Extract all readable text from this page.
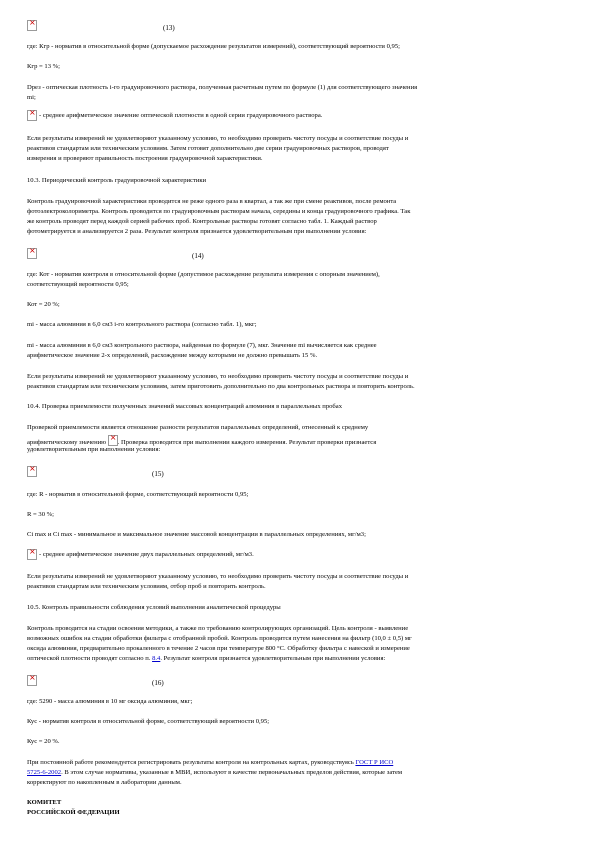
×
(13)
где: Кгр - норматив в относительной форме (допускаемое расхождение результатов измерений), соответствующий вероятности 0,95;
Кгр = 13 %;
Dрез - оптическая плотность i-го градуировочного раствора, полученная расчетным путем по формуле (1) для соответствующего значения
mi;
×
- среднее арифметическое значение оптической плотности в одной серии градуировочного раствора.
Если результаты измерений не удовлетворяют указанному условию, то необходимо проверить чистоту посуды и соответствие посуды и
реактивов стандартам или техническим условиям. Затем готовят дополнительно две серии градуировочных растворов, проводят
измерения и проверяют правильность построения градуировочной характеристики.
10.3. Периодический контроль градуировочной характеристики
Контроль градуировочной характеристики проводится не реже одного раза в квартал, а так же при смене реактивов, после ремонта
фотоэлектроколориметра. Контроль проводится по градуировочным растворам начала, середины и конца градуировочного графика. Так
же контроль проводят перед каждой серией рабочих проб. Контрольные растворы готовят согласно табл. 1. Каждый раствор
фотометрируется и анализируется 2 раза. Результат контроля признается удовлетворительным при выполнении условия:
×
(14)
где: Кот - норматив контроля в относительной форме (допустимое расхождение результата измерения с опорным значением),
соответствующий вероятности 0,95;
Кот = 20 %;
mi - масса алюминия в 6,0 см3 i-го контрольного раствора (согласно табл. 1), мкг;
mi - масса алюминия в 6,0 см3 контрольного раствора, найденная по формуле (7), мкг. Значение mi вычисляется как среднее
арифметическое значение 2-х определений, расхождение между которыми не должно превышать 15 %.
Если результаты измерений не удовлетворяют указанному условию, то необходимо проверить чистоту посуды и соответствие посуды и
реактивов стандартам или техническим условиям, затем приготовить дополнительно по два контрольных раствора и повторить контроль.
10.4. Проверка приемлемости полученных значений массовых концентраций алюминия в параллельных пробах
Проверкой приемлемости является отношение разности результатов параллельных определений, отнесенный к среднему
арифметическому значению ×. Проверка проводится при выполнении каждого измерения. Результат проверки признается
удовлетворительным при выполнении условия:
×
(15)
где: R - норматив в относительной форме, соответствующий вероятности 0,95;
R = 30 %;
Ci max и Ci max - минимальное и максимальное значение массовой концентрации в параллельных определениях, мг/м3;
×
- среднее арифметическое значение двух параллельных определений, мг/м3.
Если результаты измерений не удовлетворяют указанному условию, то необходимо проверить чистоту посуды и соответствие посуды и
реактивов стандартам или техническим условиям, отбор проб и повторить контроль.
10.5. Контроль правильности соблюдения условий выполнения аналитической процедуры
Контроль проводится на стадии освоения методики, а также по требованию контролирующих организаций. Цель контроля - выявление
возможных ошибок на стадии обработки фильтра с отобранной пробой. Контроль проводится путем нанесения на фильтр (10,0 ± 0,5) мг
оксида алюминия, предварительно прокаленного в течение 2 часов при температуре 800 °С. Обработку фильтра с навеской и измерение
оптической плотности проводят согласно п. 8.4. Результат контроля признается удовлетворительным при выполнении условия:
×
(16)
где: 5290 - масса алюминия в 10 мг оксида алюминия, мкг;
Кус - норматив контроля в относительной форме, соответствующий вероятности 0,95;
Кус = 20 %.
При постоянной работе рекомендуется регистрировать результаты контроля на контрольных картах, руководствуясь ГОСТ Р ИСО
5725-6-2002. В этом случае нормативы, указанные в МВИ, используют в качестве первоначальных пределов действия, которые затем
корректируют по накопленным в лаборатории данным.
КОМИТЕТ
РОССИЙСКОЙ ФЕДЕРАЦИИ
